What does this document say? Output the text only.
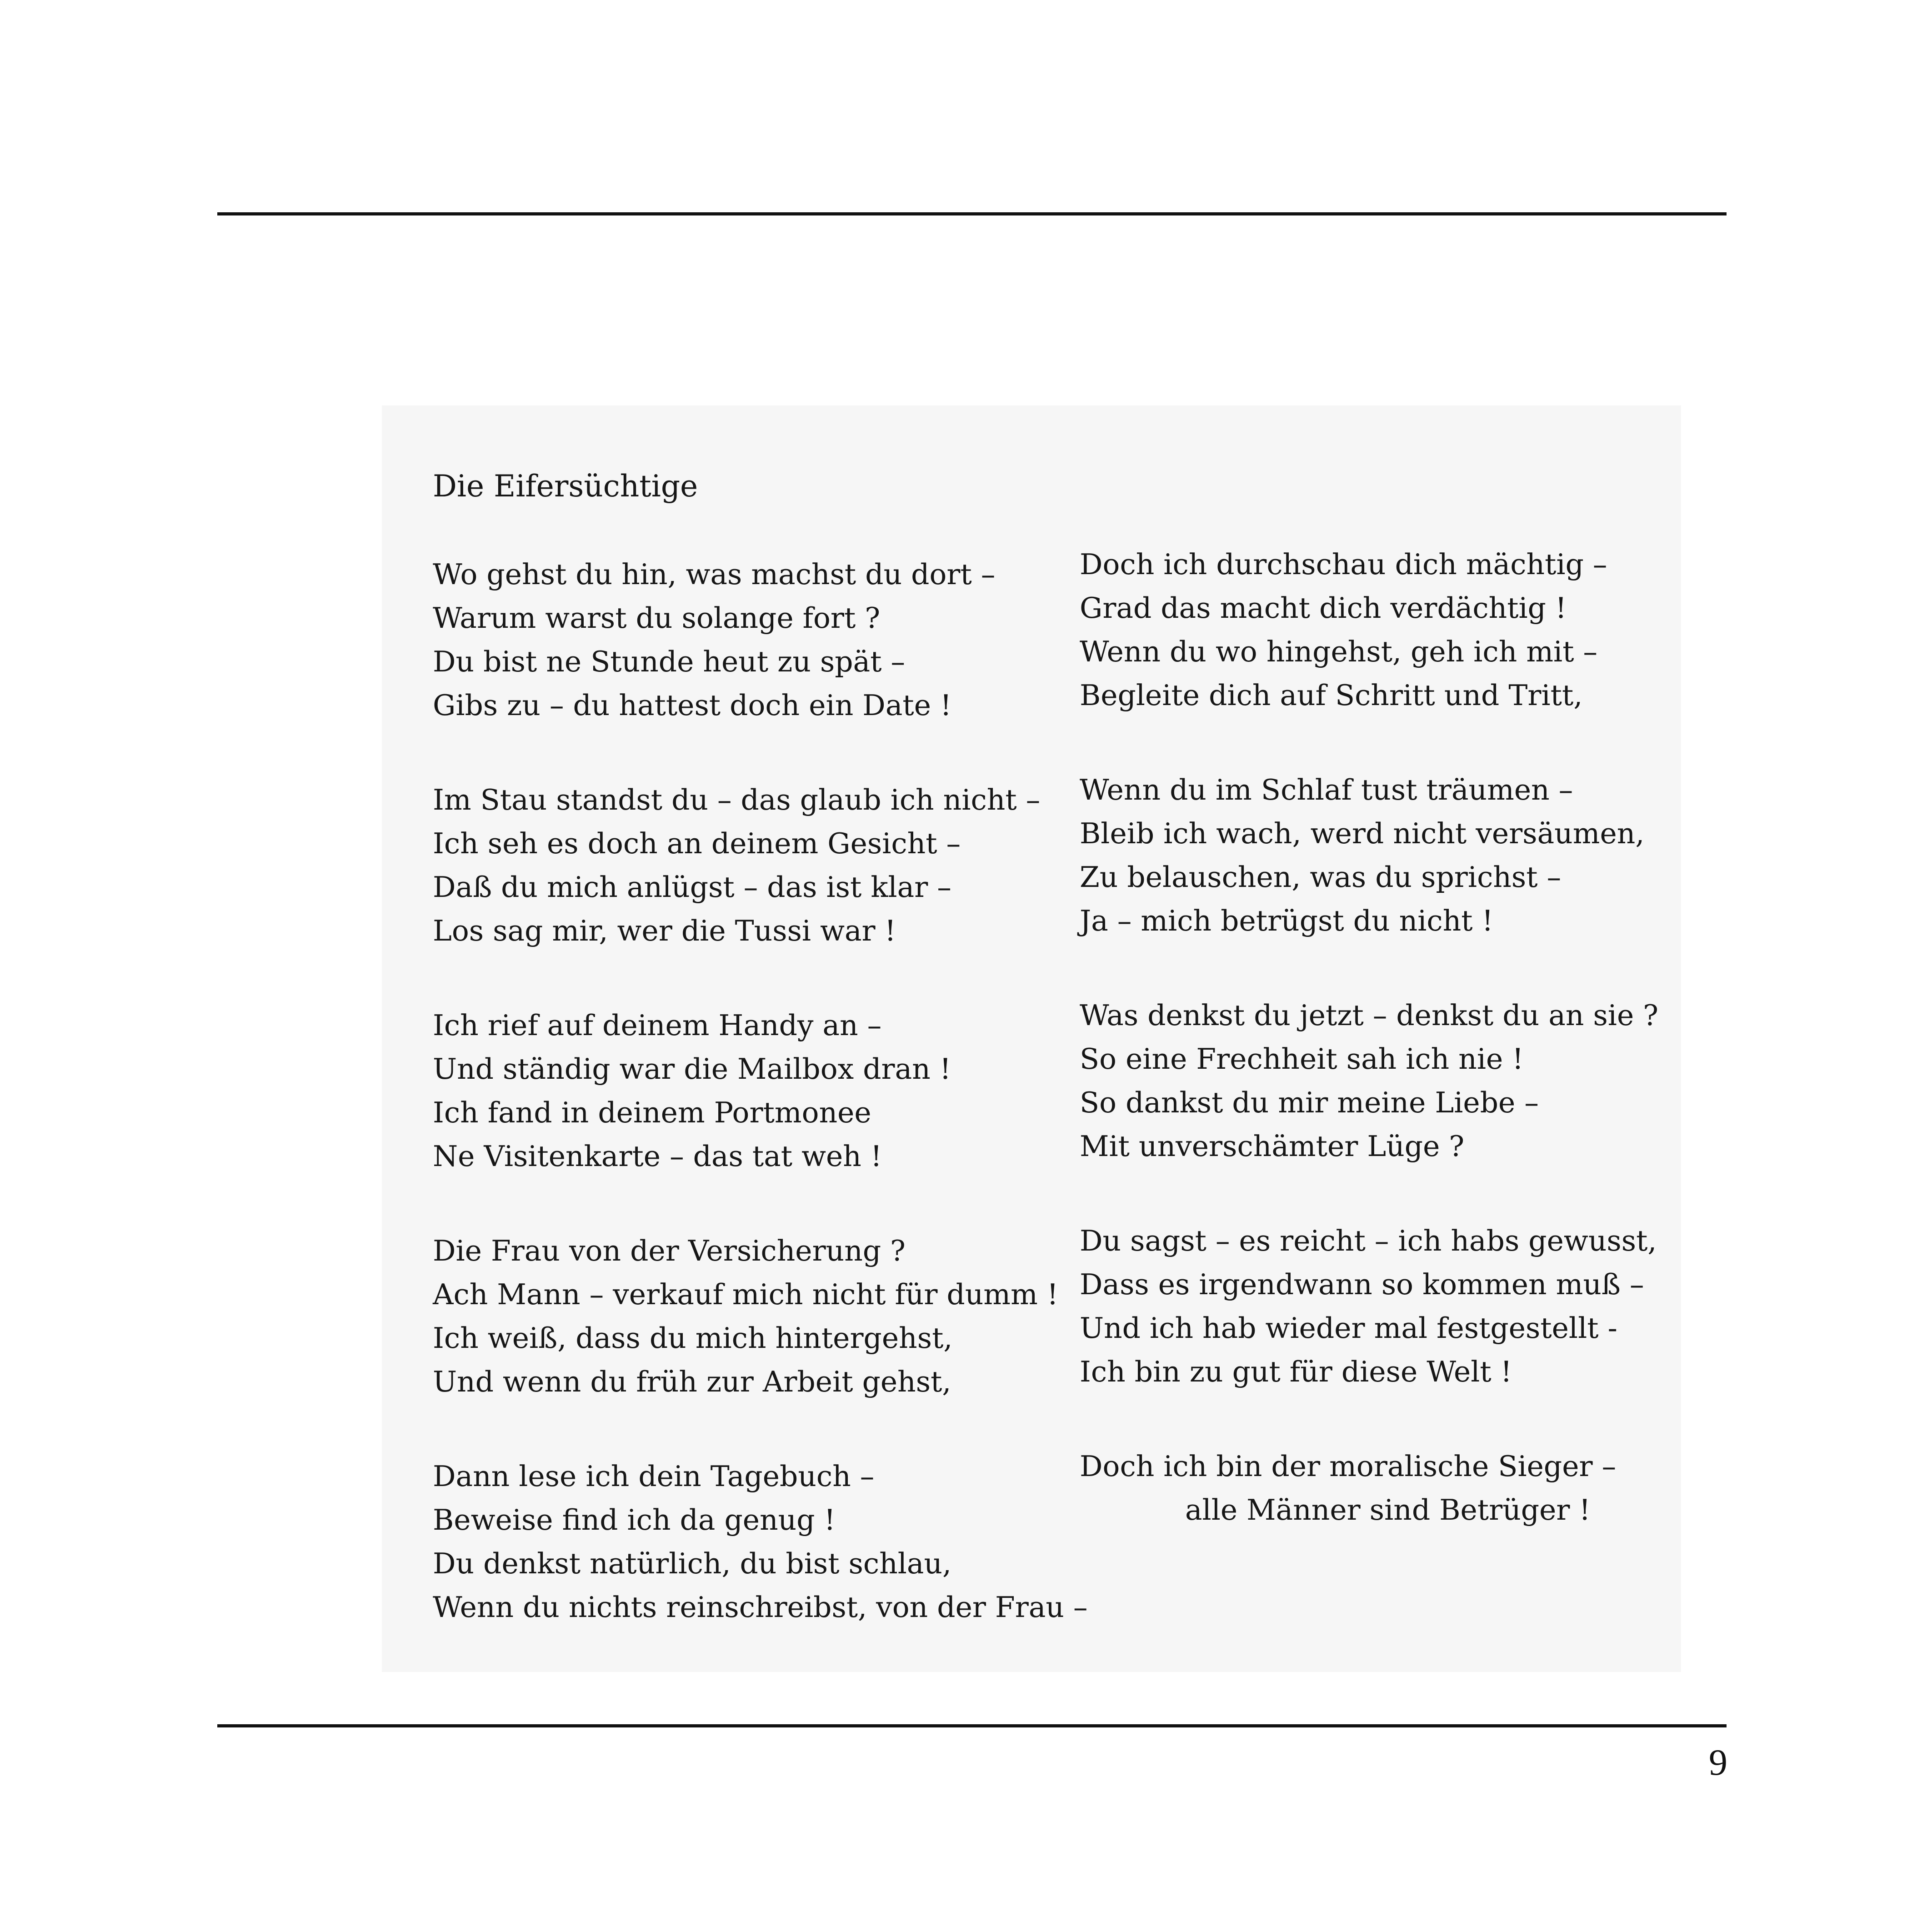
Die Eifersüchtige
Wo gehst du hin, was machst du dort –
Warum warst du solange fort ?
Du bist ne Stunde heut zu spät –
Gibs zu – du hattest doch ein Date !
Im Stau standst du – das glaub ich nicht –
Ich seh es doch an deinem Gesicht –
Daß du mich anlügst – das ist klar –
Los sag mir, wer die Tussi war !
Ich rief auf deinem Handy an –
Und ständig war die Mailbox dran !
Ich fand in deinem Portmonee
Ne Visitenkarte – das tat weh !
Die Frau von der Versicherung ?
Ach Mann – verkauf mich nicht für dumm !
Ich weiß, dass du mich hintergehst,
Und wenn du früh zur Arbeit gehst,
Dann lese ich dein Tagebuch –
Beweise find ich da genug !
Du denkst natürlich, du bist schlau,
Wenn du nichts reinschreibst, von der Frau –
Doch ich durchschau dich mächtig –
Grad das macht dich verdächtig !
Wenn du wo hingehst, geh ich mit –
Begleite dich auf Schritt und Tritt,
Wenn du im Schlaf tust träumen –
Bleib ich wach, werd nicht versäumen,
Zu belauschen, was du sprichst –
Ja – mich betrügst du nicht !
Was denkst du jetzt – denkst du an sie ?
So eine Frechheit sah ich nie !
So dankst du mir meine Liebe –
Mit unverschämter Lüge ?
Du sagst – es reicht – ich habs gewusst,
Dass es irgendwann so kommen muß –
Und ich hab wieder mal festgestellt -
Ich bin zu gut für diese Welt !
Doch ich bin der moralische Sieger –
alle Männer sind Betrüger !
9
